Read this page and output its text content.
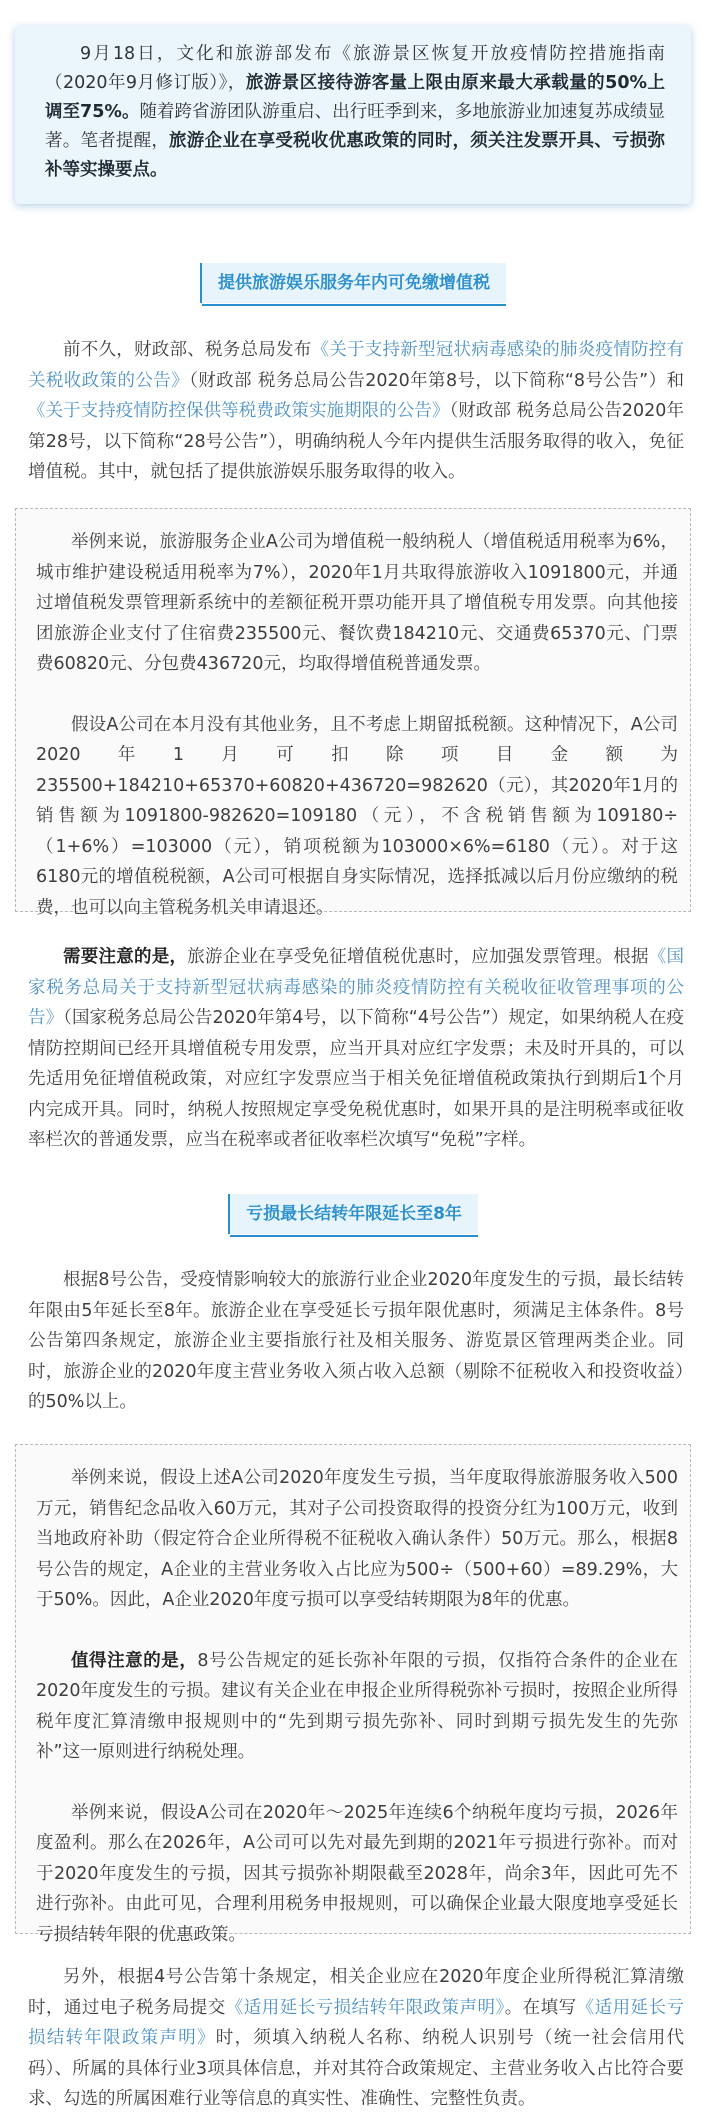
9月18日，文化和旅游部发布《旅游景区恢复开放疫情防控措施指南（2020年9月修订版）》，旅游景区接待游客量上限由原来最大承载量的50%上调至75%。随着跨省游团队游重启、出行旺季到来，多地旅游业加速复苏成绩显著。笔者提醒，旅游企业在享受税收优惠政策的同时，须关注发票开具、亏损弥补等实操要点。

提供旅游娱乐服务年内可免缴增值税
前不久，财政部、税务总局发布《关于支持新型冠状病毒感染的肺炎疫情防控有关税收政策的公告》（财政部 税务总局公告2020年第8号，以下简称“8号公告”）和《关于支持疫情防控保供等税费政策实施期限的公告》（财政部 税务总局公告2020年第28号，以下简称“28号公告”），明确纳税人今年内提供生活服务取得的收入，免征增值税。其中，就包括了提供旅游娱乐服务取得的收入。

举例来说，旅游服务企业A公司为增值税一般纳税人（增值税适用税率为6%，城市维护建设税适用税率为7%），2020年1月共取得旅游收入1091800元，并通过增值税发票管理新系统中的差额征税开票功能开具了增值税专用发票。向其他接团旅游企业支付了住宿费235500元、餐饮费184210元、交通费65370元、门票费60820元、分包费436720元，均取得增值税普通发票。

假设A公司在本月没有其他业务，且不考虑上期留抵税额。这种情况下，A公司2020年1月可扣除项目金额为235500+184210+65370+60820+436720=982620（元），其2020年1月的销售额为1091800-982620=109180（元），不含税销售额为109180÷（1+6%）=103000（元），销项税额为103000×6%=6180（元）。对于这6180元的增值税税额，A公司可根据自身实际情况，选择抵减以后月份应缴纳的税费，也可以向主管税务机关申请退还。

需要注意的是，旅游企业在享受免征增值税优惠时，应加强发票管理。根据《国家税务总局关于支持新型冠状病毒感染的肺炎疫情防控有关税收征收管理事项的公告》（国家税务总局公告2020年第4号，以下简称“4号公告”）规定，如果纳税人在疫情防控期间已经开具增值税专用发票，应当开具对应红字发票；未及时开具的，可以先适用免征增值税政策，对应红字发票应当于相关免征增值税政策执行到期后1个月内完成开具。同时，纳税人按照规定享受免税优惠时，如果开具的是注明税率或征收率栏次的普通发票，应当在税率或者征收率栏次填写“免税”字样。
亏损最长结转年限延长至8年
根据8号公告，受疫情影响较大的旅游行业企业2020年度发生的亏损，最长结转年限由5年延长至8年。旅游企业在享受延长亏损年限优惠时，须满足主体条件。8号公告第四条规定，旅游企业主要指旅行社及相关服务、游览景区管理两类企业。同时，旅游企业的2020年度主营业务收入须占收入总额（剔除不征税收入和投资收益）的50%以上。

举例来说，假设上述A公司2020年度发生亏损，当年度取得旅游服务收入500万元，销售纪念品收入60万元，其对子公司投资取得的投资分红为100万元，收到当地政府补助（假定符合企业所得税不征税收入确认条件）50万元。那么，根据8号公告的规定，A企业的主营业务收入占比应为500÷（500+60）=89.29%，大于50%。因此，A企业2020年度亏损可以享受结转期限为8年的优惠。

值得注意的是，8号公告规定的延长弥补年限的亏损，仅指符合条件的企业在2020年度发生的亏损。建议有关企业在申报企业所得税弥补亏损时，按照企业所得税年度汇算清缴申报规则中的“先到期亏损先弥补、同时到期亏损先发生的先弥补”这一原则进行纳税处理。

举例来说，假设A公司在2020年～2025年连续6个纳税年度均亏损，2026年度盈利。那么在2026年，A公司可以先对最先到期的2021年亏损进行弥补。而对于2020年度发生的亏损，因其亏损弥补期限截至2028年，尚余3年，因此可先不进行弥补。由此可见，合理利用税务申报规则，可以确保企业最大限度地享受延长亏损结转年限的优惠政策。

另外，根据4号公告第十条规定，相关企业应在2020年度企业所得税汇算清缴时，通过电子税务局提交《适用延长亏损结转年限政策声明》。在填写《适用延长亏损结转年限政策声明》时，须填入纳税人名称、纳税人识别号（统一社会信用代码）、所属的具体行业3项具体信息，并对其符合政策规定、主营业务收入占比符合要求、勾选的所属困难行业等信息的真实性、准确性、完整性负责。
